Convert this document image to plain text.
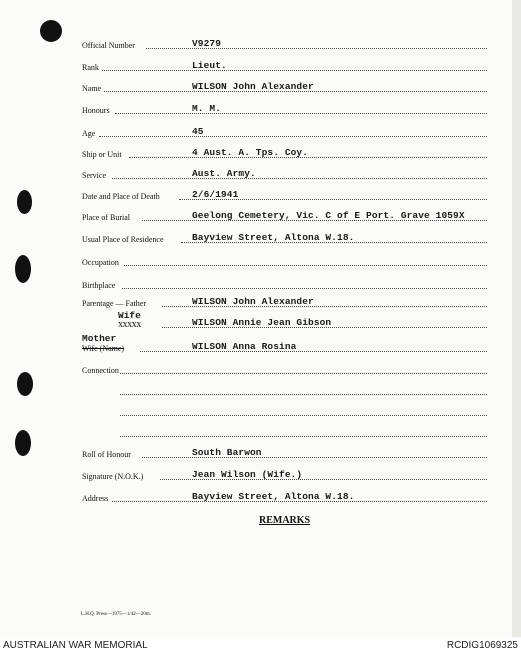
Official Number	V9279
Rank	Lieut.
Name	WILSON John Alexander
Honours	M. M.
Age	45
Ship or Unit	4 Aust. A. Tps. Coy.
Service	Aust. Army.
Date and Place of Death	2/6/1941
Place of Burial	Geelong Cemetery, Vic. C of E Port. Grave 1059X
Usual Place of Residence	Bayview Street, Altona W.18.
Occupation
Birthplace
Parentage — Father	WILSON John Alexander
Wife
XXXXX	WILSON Annie Jean Gibson
Mother
Wife (Name)	WILSON Anna Rosina
Connection
Roll of Honour	South Barwon
Signature (N.O.K.)	Jean Wilson (Wife.)
Address	Bayview Street, Altona W.18.
REMARKS
L.H.Q. Press—1975—1/42—20m.
AUSTRALIAN WAR MEMORIAL	RCDIG1069325
